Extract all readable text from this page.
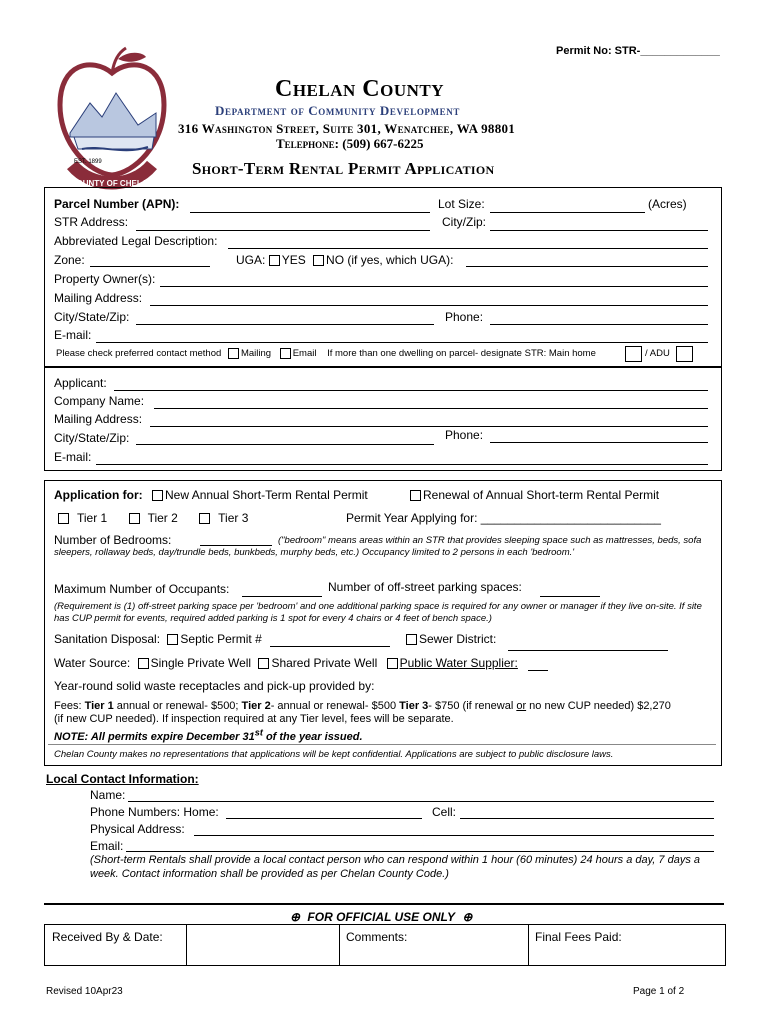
Permit No: STR-_____________
COUNTY OF CHELAN
EST. 1899
Chelan County
Department of Community Development
316 Washington Street, Suite 301, Wenatchee, WA 98801
Telephone: (509) 667-6225
Short-Term Rental Permit Application
Parcel Number (APN):	Lot Size:	(Acres)
STR Address:	City/Zip:
Abbreviated Legal Description:
Zone:	UGA: YES NO (if yes, which UGA):
Property Owner(s):
Mailing Address:
City/State/Zip:	Phone:
E-mail:
Please check preferred contact method Mailing Email If more than one dwelling on parcel- designate STR: Main home	/ ADU
Applicant:
Company Name:
Mailing Address:
City/State/Zip:	Phone:
E-mail:
Application for: New Annual Short-Term Rental Permit	Renewal of Annual Short-term Rental Permit
Tier 1	Tier 2	Tier 3	Permit Year Applying for: ___________________________
Number of Bedrooms:	("bedroom" means areas within an STR that provides sleeping space such as mattresses, beds, sofa sleepers, rollaway beds, day/trundle beds, bunkbeds, murphy beds, etc.) Occupancy limited to 2 persons in each 'bedroom.'
Maximum Number of Occupants:	Number of off-street parking spaces:
(Requirement is (1) off-street parking space per 'bedroom' and one additional parking space is required for any owner or manager if they live on-site. If site has CUP permit for events, required added parking is 1 spot for every 4 chairs or 4 feet of bench space.)
Sanitation Disposal: Septic Permit #	Sewer District:
Water Source: Single Private Well Shared Private Well Public Water Supplier:
Year-round solid waste receptacles and pick-up provided by:
Fees: Tier 1 annual or renewal- $500; Tier 2- annual or renewal- $500 Tier 3- $750 (if renewal or no new CUP needed) $2,270
(if new CUP needed). If inspection required at any Tier level, fees will be separate.
NOTE: All permits expire December 31st of the year issued.
Chelan County makes no representations that applications will be kept confidential. Applications are subject to public disclosure laws.
Local Contact Information:
Name:
Phone Numbers: Home:	Cell:
Physical Address:
Email:
(Short-term Rentals shall provide a local contact person who can respond within 1 hour (60 minutes) 24 hours a day, 7 days a week. Contact information shall be provided as per Chelan County Code.)
⊕ FOR OFFICIAL USE ONLY ⊕
Received By & Date:	Comments:	Final Fees Paid:
Revised 10Apr23	Page 1 of 2
